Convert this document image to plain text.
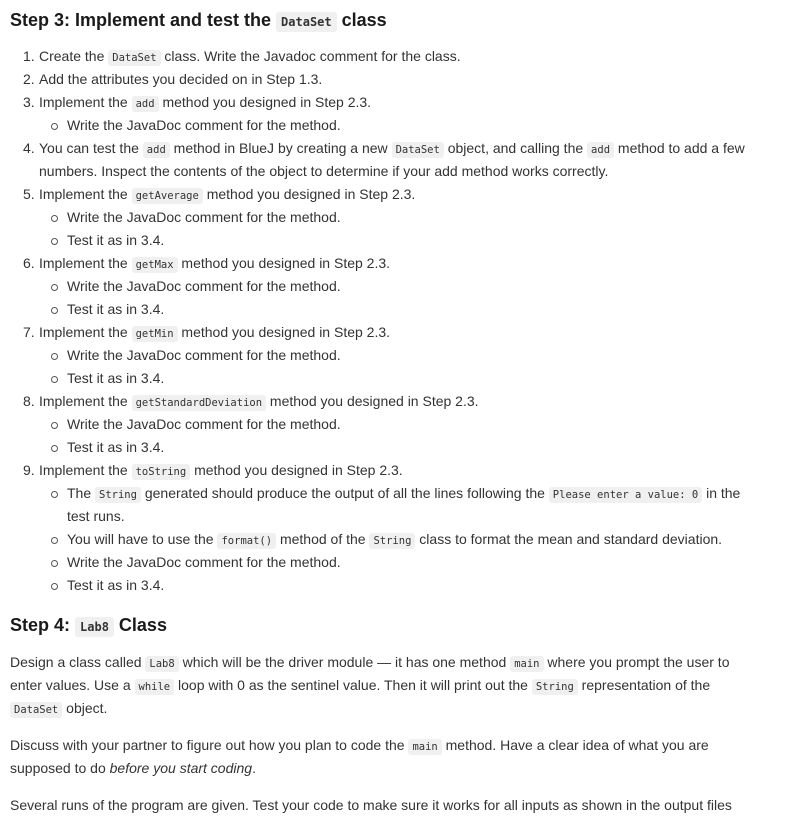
Step 3: Implement and test the DataSet class
1. Create the DataSet class. Write the Javadoc comment for the class.
2. Add the attributes you decided on in Step 1.3.
3. Implement the add method you designed in Step 2.3.
Write the JavaDoc comment for the method.
4. You can test the add method in BlueJ by creating a new DataSet object, and calling the add method to add a few
numbers. Inspect the contents of the object to determine if your add method works correctly.
5. Implement the getAverage method you designed in Step 2.3.
Write the JavaDoc comment for the method.
Test it as in 3.4.
6. Implement the getMax method you designed in Step 2.3.
Write the JavaDoc comment for the method.
Test it as in 3.4.
7. Implement the getMin method you designed in Step 2.3.
Write the JavaDoc comment for the method.
Test it as in 3.4.
8. Implement the getStandardDeviation method you designed in Step 2.3.
Write the JavaDoc comment for the method.
Test it as in 3.4.
9. Implement the toString method you designed in Step 2.3.
The String generated should produce the output of all the lines following the Please enter a value: 0 in the
test runs.
You will have to use the format() method of the String class to format the mean and standard deviation.
Write the JavaDoc comment for the method.
Test it as in 3.4.
Step 4: Lab8 Class
Design a class called Lab8 which will be the driver module — it has one method main where you prompt the user to
enter values. Use a while loop with 0 as the sentinel value. Then it will print out the String representation of the
DataSet object.
Discuss with your partner to figure out how you plan to code the main method. Have a clear idea of what you are
supposed to do before you start coding.
Several runs of the program are given. Test your code to make sure it works for all inputs as shown in the output files
